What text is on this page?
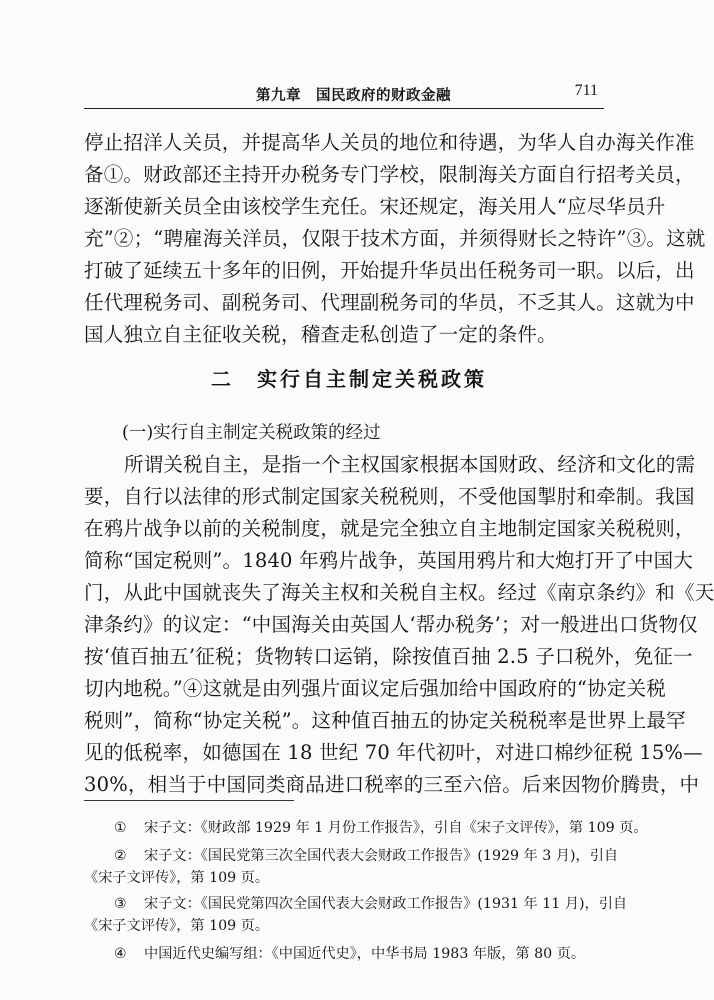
第九章　国民政府的财政金融	711
停止招洋人关员，并提高华人关员的地位和待遇，为华人自办海关作准
备①。财政部还主持开办税务专门学校，限制海关方面自行招考关员，
逐渐使新关员全由该校学生充任。宋还规定，海关用人“应尽华员升
充”②；“聘雇海关洋员，仅限于技术方面，并须得财长之特许”③。这就
打破了延续五十多年的旧例，开始提升华员出任税务司一职。以后，出
任代理税务司、副税务司、代理副税务司的华员，不乏其人。这就为中
国人独立自主征收关税，稽查走私创造了一定的条件。
二　实行自主制定关税政策
(一)实行自主制定关税政策的经过
所谓关税自主，是指一个主权国家根据本国财政、经济和文化的需
要，自行以法律的形式制定国家关税税则，不受他国掣肘和牵制。我国
在鸦片战争以前的关税制度，就是完全独立自主地制定国家关税税则，
简称“国定税则”。1840 年鸦片战争，英国用鸦片和大炮打开了中国大
门，从此中国就丧失了海关主权和关税自主权。经过《南京条约》和《天
津条约》的议定：“中国海关由英国人‘帮办税务’；对一般进出口货物仅
按‘值百抽五’征税；货物转口运销，除按值百抽 2.5 子口税外，免征一
切内地税。”④这就是由列强片面议定后强加给中国政府的“协定关税
税则”，简称“协定关税”。这种值百抽五的协定关税税率是世界上最罕
见的低税率，如德国在 18 世纪 70 年代初叶，对进口棉纱征税 15%—
30%，相当于中国同类商品进口税率的三至六倍。后来因物价腾贵，中
① 宋子文：《财政部 1929 年 1 月份工作报告》，引自《宋子文评传》，第 109 页。
② 宋子文：《国民党第三次全国代表大会财政工作报告》(1929 年 3 月)，引自
《宋子文评传》，第 109 页。
③ 宋子文：《国民党第四次全国代表大会财政工作报告》(1931 年 11 月)，引自
《宋子文评传》，第 109 页。
④ 中国近代史编写组：《中国近代史》，中华书局 1983 年版，第 80 页。
